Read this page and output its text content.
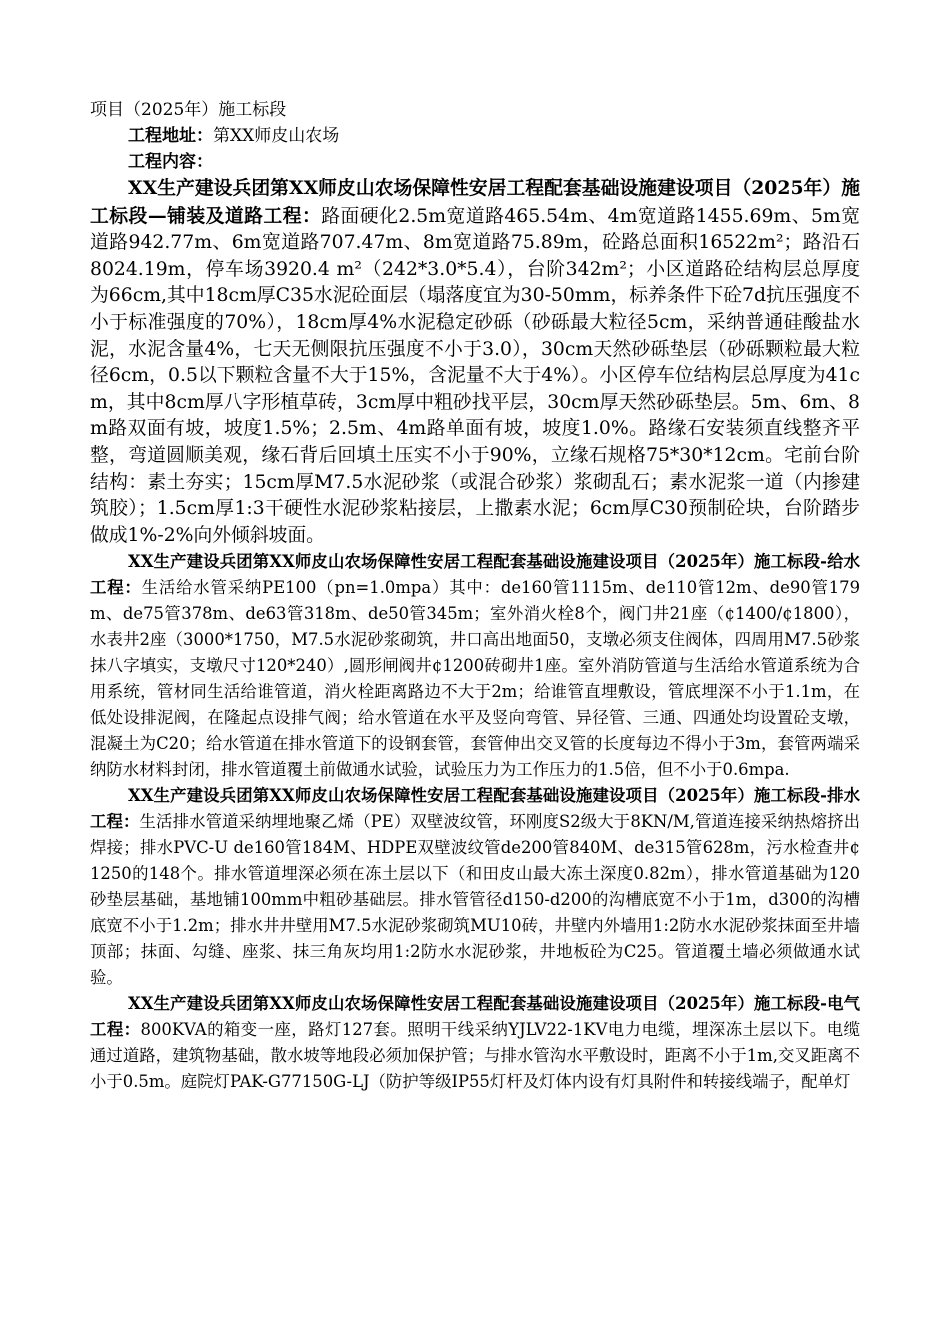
项目（2025年）施工标段

工程地址：第XX师皮山农场

工程内容：

XX生产建设兵团第XX师皮山农场保障性安居工程配套基础设施建设项目（2025年）施工标段—铺装及道路工程：路面硬化2.5m宽道路465.54m、4m宽道路1455.69m、5m宽道路942.77m、6m宽道路707.47m、8m宽道路75.89m，砼路总面积16522m²；路沿石8024.19m，停车场3920.4 m²（242*3.0*5.4），台阶342m²；小区道路砼结构层总厚度为66cm,其中18cm厚C35水泥砼面层（塌落度宜为30-50mm，标养条件下砼7d抗压强度不小于标准强度的70%），18cm厚4%水泥稳定砂砾（砂砾最大粒径5cm，采纳普通硅酸盐水泥，水泥含量4%，七天无侧限抗压强度不小于3.0），30cm天然砂砾垫层（砂砾颗粒最大粒径6cm，0.5以下颗粒含量不大于15%，含泥量不大于4%）。小区停车位结构层总厚度为41cm，其中8cm厚八字形植草砖，3cm厚中粗砂找平层，30cm厚天然砂砾垫层。5m、6m、8m路双面有坡，坡度1.5%；2.5m、4m路单面有坡，坡度1.0%。路缘石安装须直线整齐平整，弯道圆顺美观，缘石背后回填土压实不小于90%，立缘石规格75*30*12cm。宅前台阶结构：素土夯实；15cm厚M7.5水泥砂浆（或混合砂浆）浆砌乱石；素水泥浆一道（内掺建筑胶）；1.5cm厚1:3干硬性水泥砂浆粘接层，上撒素水泥；6cm厚C30预制砼块，台阶踏步做成1%-2%向外倾斜坡面。

XX生产建设兵团第XX师皮山农场保障性安居工程配套基础设施建设项目（2025年）施工标段-给水工程：生活给水管采纳PE100（pn=1.0mpa）其中：de160管1115m、de110管12m、de90管179m、de75管378m、de63管318m、de50管345m；室外消火栓8个，阀门井21座（¢1400/¢1800），水表井2座（3000*1750，M7.5水泥砂浆砌筑，井口高出地面50，支墩必须支住阀体，四周用M7.5砂浆抹八字填实，支墩尺寸120*240）,圆形闸阀井¢1200砖砌井1座。室外消防管道与生活给水管道系统为合用系统，管材同生活给谁管道，消火栓距离路边不大于2m；给谁管直埋敷设，管底埋深不小于1.1m，在低处设排泥阀，在隆起点设排气阀；给水管道在水平及竖向弯管、异径管、三通、四通处均设置砼支墩，混凝土为C20；给水管道在排水管道下的设钢套管，套管伸出交叉管的长度每边不得小于3m，套管两端采纳防水材料封闭，排水管道覆土前做通水试验，试验压力为工作压力的1.5倍，但不小于0.6mpa.

XX生产建设兵团第XX师皮山农场保障性安居工程配套基础设施建设项目（2025年）施工标段-排水工程：生活排水管道采纳埋地聚乙烯（PE）双壁波纹管，环刚度S2级大于8KN/M,管道连接采纳热熔挤出焊接；排水PVC-U de160管184M、HDPE双壁波纹管de200管840M、de315管628m，污水检查井¢1250的148个。排水管道埋深必须在冻土层以下（和田皮山最大冻土深度0.82m），排水管道基础为120砂垫层基础，基地铺100mm中粗砂基础层。排水管管径d150-d200的沟槽底宽不小于1m，d300的沟槽底宽不小于1.2m；排水井井壁用M7.5水泥砂浆砌筑MU10砖，井壁内外墙用1:2防水水泥砂浆抹面至井墙顶部；抹面、勾缝、座浆、抹三角灰均用1:2防水水泥砂浆，井地板砼为C25。管道覆土墙必须做通水试验。

XX生产建设兵团第XX师皮山农场保障性安居工程配套基础设施建设项目（2025年）施工标段-电气工程：800KVA的箱变一座，路灯127套。照明干线采纳YJLV22-1KV电力电缆，埋深冻土层以下。电缆通过道路，建筑物基础，散水坡等地段必须加保护管；与排水管沟水平敷设时，距离不小于1m,交叉距离不小于0.5m。庭院灯PAK-G77150G-LJ（防护等级IP55灯杆及灯体内设有灯具附件和转接线端子，配单灯
